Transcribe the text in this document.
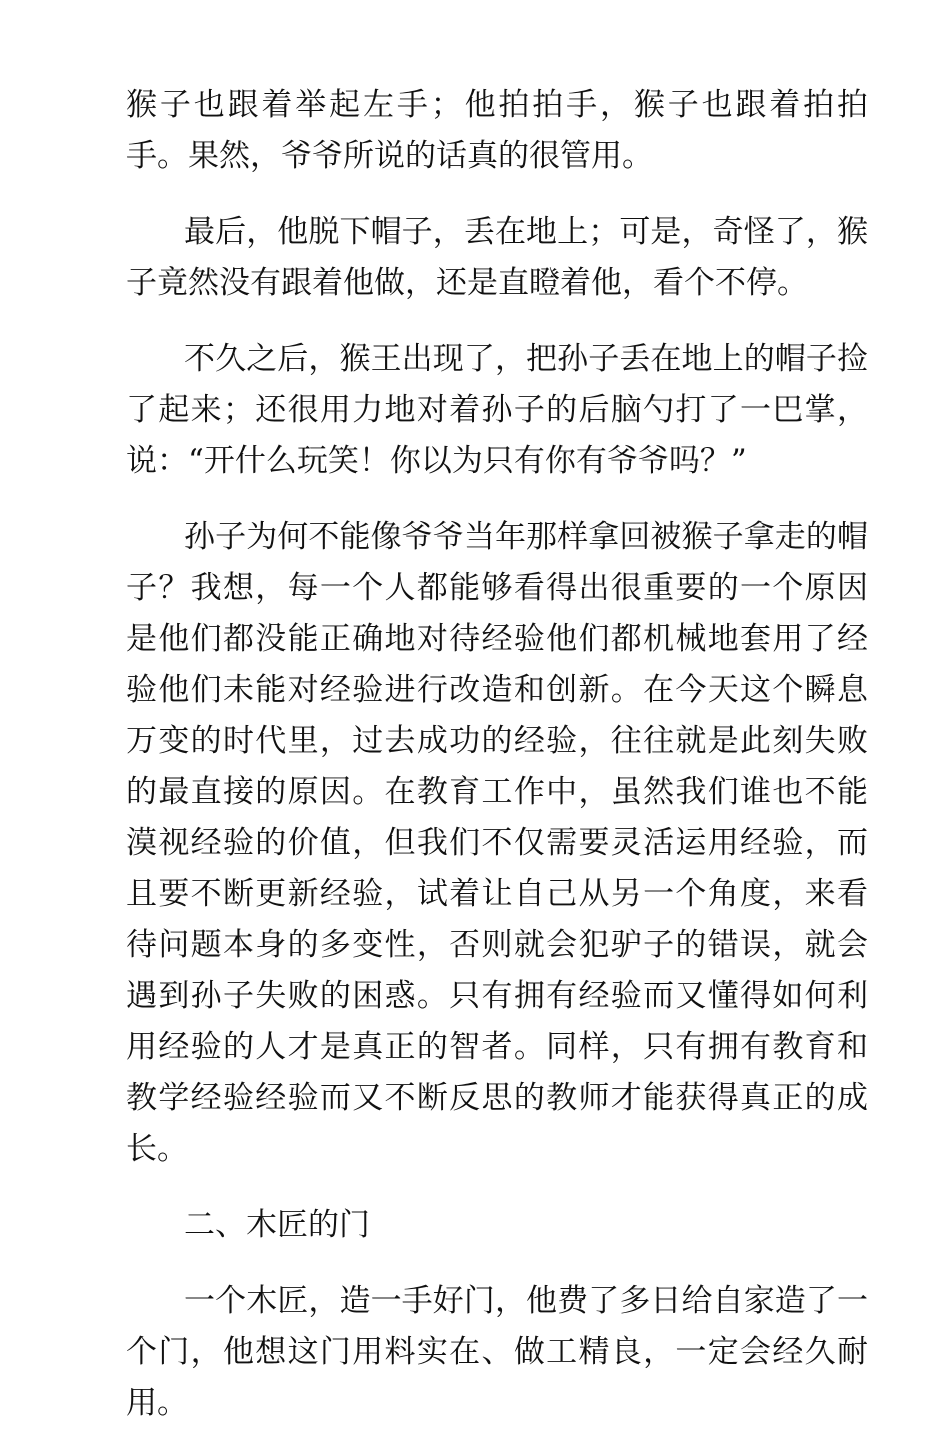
猴子也跟着举起左手；他拍拍手，猴子也跟着拍拍手。果然，爷爷所说的话真的很管用。

最后，他脱下帽子，丢在地上；可是，奇怪了，猴子竟然没有跟着他做，还是直瞪着他，看个不停。

不久之后，猴王出现了，把孙子丢在地上的帽子捡了起来；还很用力地对着孙子的后脑勺打了一巴掌，说：“开什么玩笑！你以为只有你有爷爷吗？”

孙子为何不能像爷爷当年那样拿回被猴子拿走的帽子？我想，每一个人都能够看得出很重要的一个原因是他们都没能正确地对待经验他们都机械地套用了经验他们未能对经验进行改造和创新。在今天这个瞬息万变的时代里，过去成功的经验，往往就是此刻失败的最直接的原因。在教育工作中，虽然我们谁也不能漠视经验的价值，但我们不仅需要灵活运用经验，而且要不断更新经验，试着让自己从另一个角度，来看待问题本身的多变性，否则就会犯驴子的错误，就会遇到孙子失败的困惑。只有拥有经验而又懂得如何利用经验的人才是真正的智者。同样，只有拥有教育和教学经验经验而又不断反思的教师才能获得真正的成长。

二、木匠的门

一个木匠，造一手好门，他费了多日给自家造了一个门，他想这门用料实在、做工精良，一定会经久耐用。
